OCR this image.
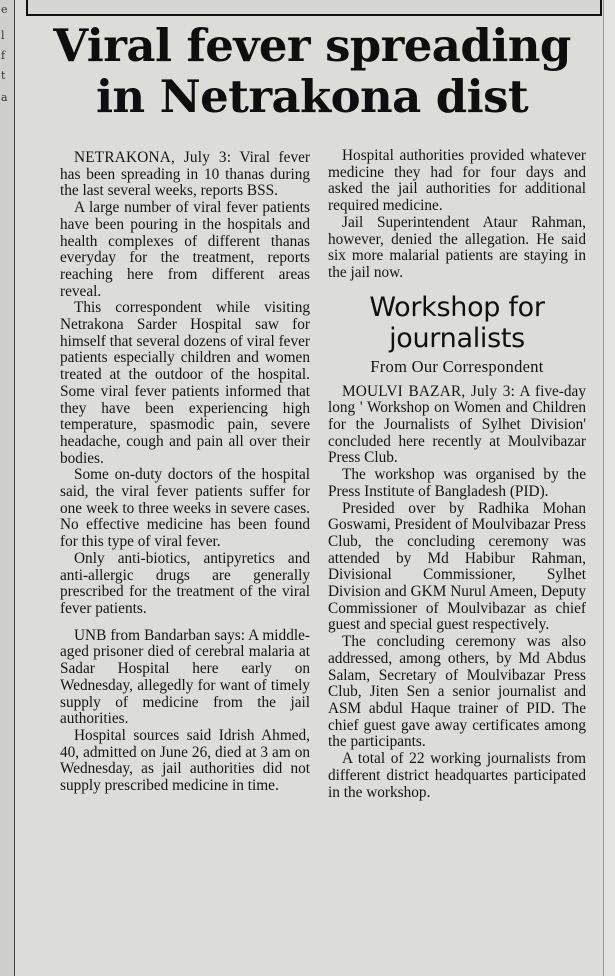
e
l
f
t
a
Viral fever spreading
in Netrakona dist

NETRAKONA, July 3: Viral fever has been spreading in 10 thanas during the last several weeks, reports BSS.

A large number of viral fever patients have been pouring in the hospitals and health complexes of different thanas everyday for the treatment, reports reaching here from different areas reveal.

This correspondent while visiting Netrakona Sarder Hospital saw for himself that several dozens of viral fever patients especially children and women treated at the outdoor of the hospital. Some viral fever patients informed that they have been experiencing high temperature, spasmodic pain, severe headache, cough and pain all over their bodies.

Some on-duty doctors of the hospital said, the viral fever patients suffer for one week to three weeks in severe cases. No effective medicine has been found for this type of viral fever.

Only anti-biotics, antipyretics and anti-allergic drugs are generally prescribed for the treatment of the viral fever patients.

UNB from Bandarban says: A middle-aged prisoner died of cerebral malaria at Sadar Hospital here early on Wednesday, allegedly for want of timely supply of medicine from the jail authorities.

Hospital sources said Idrish Ahmed, 40, admitted on June 26, died at 3 am on Wednesday, as jail authorities did not supply prescribed medicine in time.

Hospital authorities provided whatever medicine they had for four days and asked the jail authorities for additional required medicine.

Jail Superintendent Ataur Rahman, however, denied the allegation. He said six more malarial patients are staying in the jail now.

Workshop for
journalists
From Our Correspondent

MOULVI BAZAR, July 3: A five-day long ' Workshop on Women and Children for the Journalists of Sylhet Division' concluded here recently at Moulvibazar Press Club.

The workshop was organised by the Press Institute of Bangladesh (PID).

Presided over by Radhika Mohan Goswami, President of Moulvibazar Press Club, the concluding ceremony was attended by Md Habibur Rahman, Divisional Commissioner, Sylhet Division and GKM Nurul Ameen, Deputy Commissioner of Moulvibazar as chief guest and special guest respectively.

The concluding ceremony was also addressed, among others, by Md Abdus Salam, Secretary of Moulvibazar Press Club, Jiten Sen a senior journalist and ASM abdul Haque trainer of PID. The chief guest gave away certificates among the participants.

A total of 22 working journalists from different district headquartes participated in the workshop.
